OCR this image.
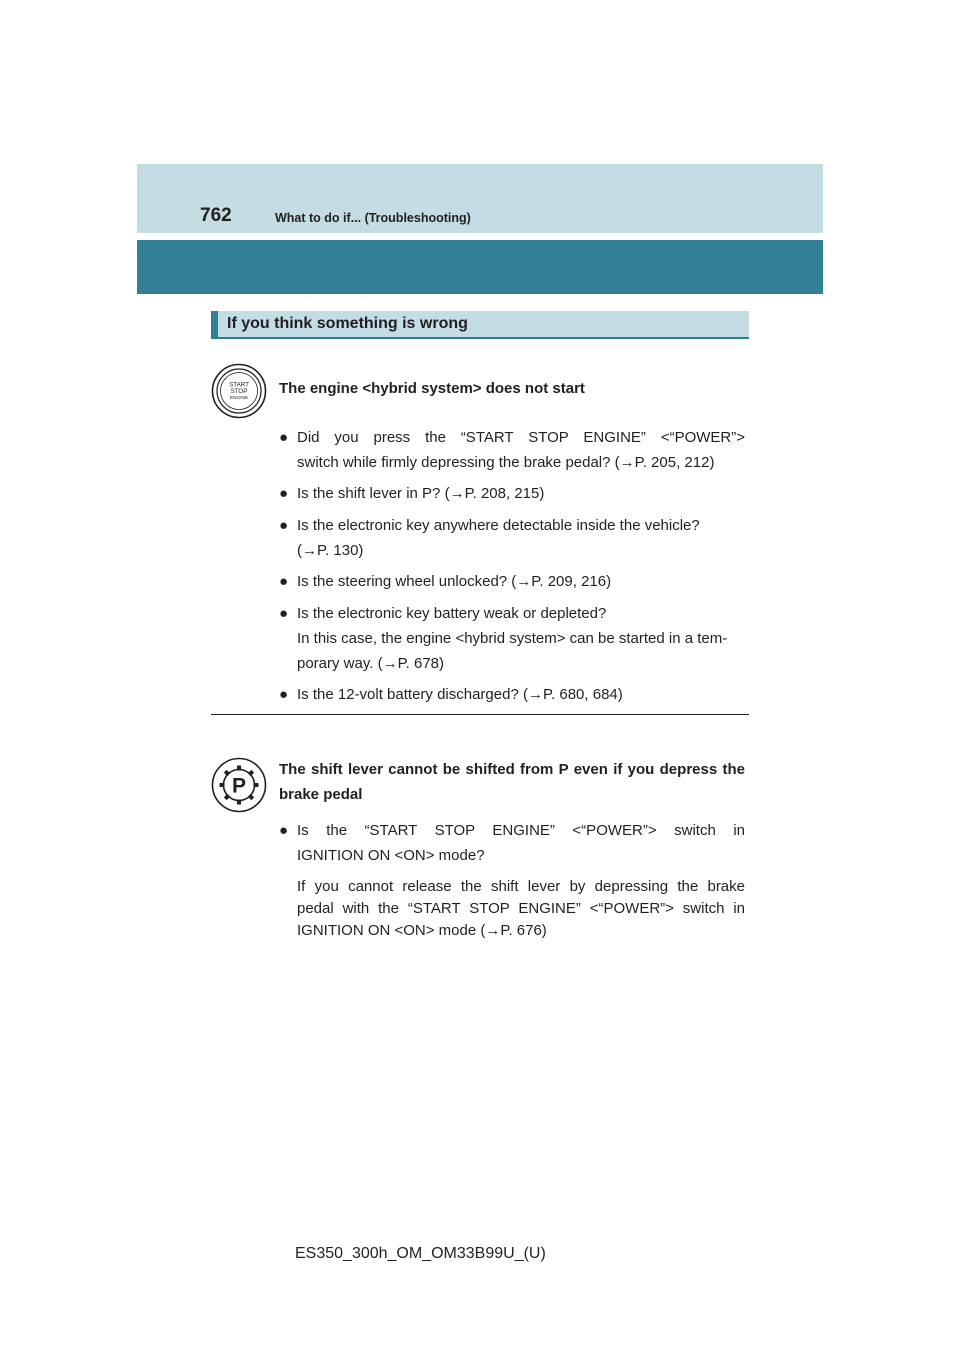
762	What to do if... (Troubleshooting)
If you think something is wrong
START
STOP
ENGINE
The engine <hybrid system> does not start
● Did you press the “START STOP ENGINE” <“POWER”>
switch while firmly depressing the brake pedal? (→P. 205, 212)
● Is the shift lever in P? (→P. 208, 215)
● Is the electronic key anywhere detectable inside the vehicle?
(→P. 130)
● Is the steering wheel unlocked? (→P. 209, 216)
● Is the electronic key battery weak or depleted?
In this case, the engine <hybrid system> can be started in a tem-
porary way. (→P. 678)
● Is the 12-volt battery discharged? (→P. 680, 684)
P
The shift lever cannot be shifted from P even if you depress the
brake pedal
● Is the “START STOP ENGINE” <“POWER”> switch in
IGNITION ON <ON> mode?
If you cannot release the shift lever by depressing the brake
pedal with the “START STOP ENGINE” <“POWER”> switch in
IGNITION ON <ON> mode (→P. 676)
ES350_300h_OM_OM33B99U_(U)
